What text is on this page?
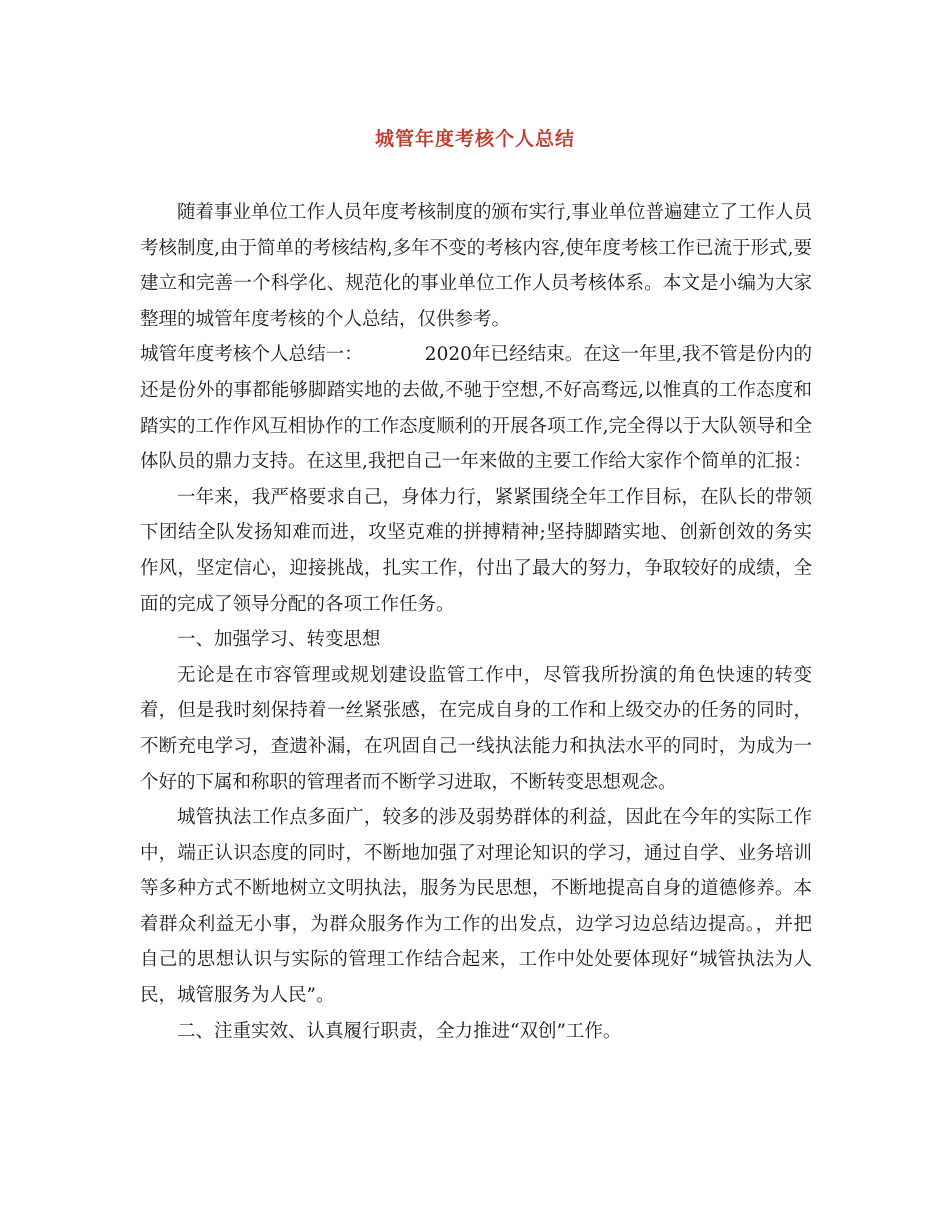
城管年度考核个人总结

随着事业单位工作人员年度考核制度的颁布实行,事业单位普遍建立了工作人员考核制度,由于简单的考核结构,多年不变的考核内容,使年度考核工作已流于形式,要建立和完善一个科学化、规范化的事业单位工作人员考核体系。本文是小编为大家整理的城管年度考核的个人总结，仅供参考。

城管年度考核个人总结一：	2020年已经结束。在这一年里,我不管是份内的还是份外的事都能够脚踏实地的去做,不驰于空想,不好高骛远,以惟真的工作态度和踏实的工作作风互相协作的工作态度顺利的开展各项工作,完全得以于大队领导和全体队员的鼎力支持。在这里,我把自己一年来做的主要工作给大家作个简单的汇报：

一年来，我严格要求自己，身体力行，紧紧围绕全年工作目标，在队长的带领下团结全队发扬知难而进，攻坚克难的拼搏精神;坚持脚踏实地、创新创效的务实作风，坚定信心，迎接挑战，扎实工作，付出了最大的努力，争取较好的成绩，全面的完成了领导分配的各项工作任务。

一、加强学习、转变思想

无论是在市容管理或规划建设监管工作中，尽管我所扮演的角色快速的转变着，但是我时刻保持着一丝紧张感，在完成自身的工作和上级交办的任务的同时，不断充电学习，查遗补漏，在巩固自己一线执法能力和执法水平的同时，为成为一个好的下属和称职的管理者而不断学习进取，不断转变思想观念。

城管执法工作点多面广，较多的涉及弱势群体的利益，因此在今年的实际工作中，端正认识态度的同时，不断地加强了对理论知识的学习，通过自学、业务培训等多种方式不断地树立文明执法，服务为民思想，不断地提高自身的道德修养。本着群众利益无小事，为群众服务作为工作的出发点，边学习边总结边提高。，并把自己的思想认识与实际的管理工作结合起来，工作中处处要体现好“城管执法为人民，城管服务为人民”。

二、注重实效、认真履行职责，全力推进“双创”工作。
